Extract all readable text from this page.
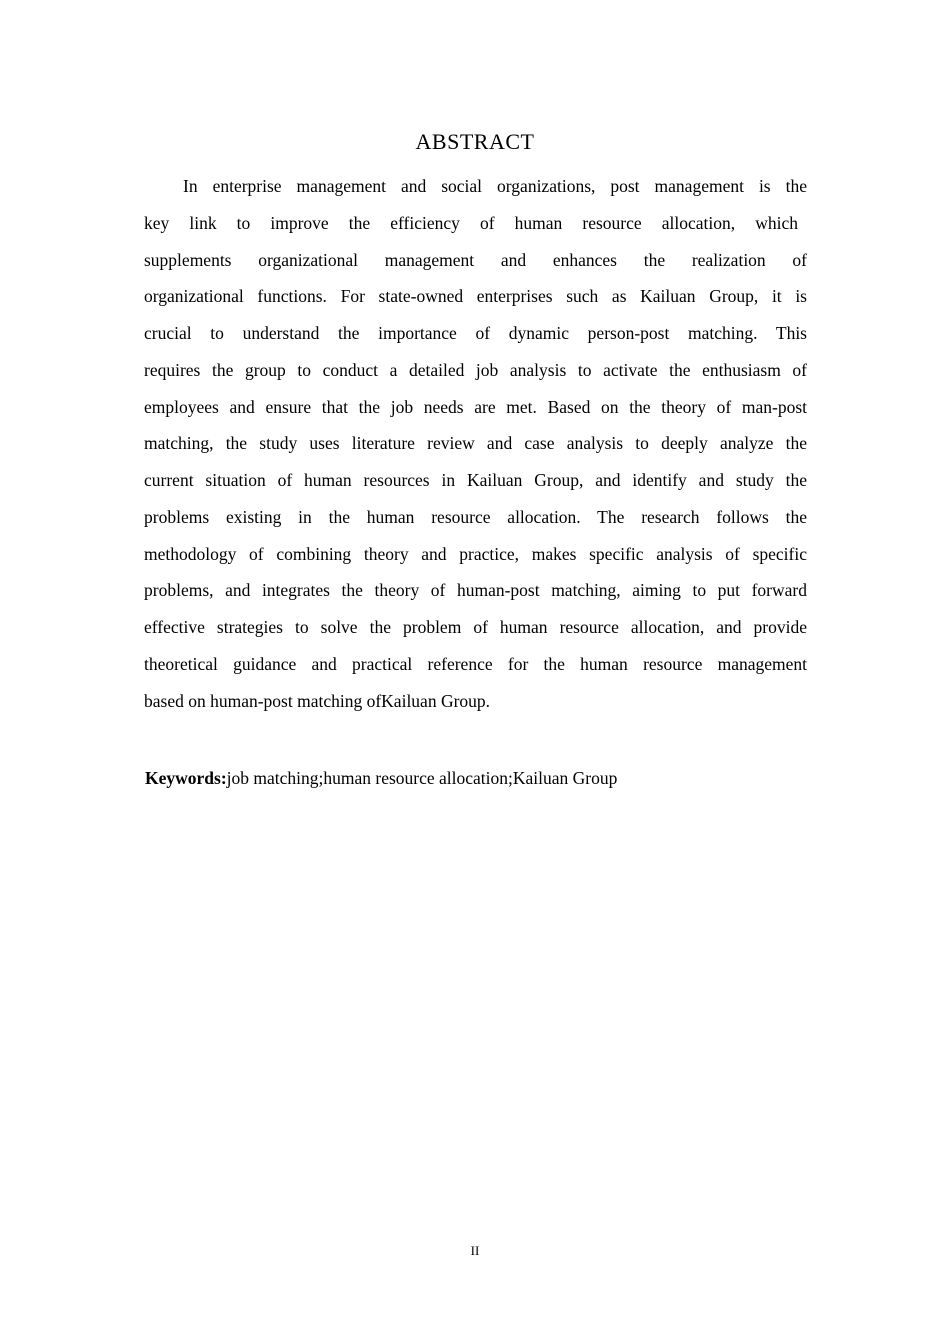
ABSTRACT
In enterprise management and social organizations, post management is the
key link to improve the efficiency of human resource allocation, which
supplements organizational management and enhances the realization of
organizational functions. For state-owned enterprises such as Kailuan Group, it is
crucial to understand the importance of dynamic person-post matching. This
requires the group to conduct a detailed job analysis to activate the enthusiasm of
employees and ensure that the job needs are met. Based on the theory of man-post
matching, the study uses literature review and case analysis to deeply analyze the
current situation of human resources in Kailuan Group, and identify and study the
problems existing in the human resource allocation. The research follows the
methodology of combining theory and practice, makes specific analysis of specific
problems, and integrates the theory of human-post matching, aiming to put forward
effective strategies to solve the problem of human resource allocation, and provide
theoretical guidance and practical reference for the human resource management
based on human-post matching ofKailuan Group.
Keywords:job matching;human resource allocation;Kailuan Group
II
